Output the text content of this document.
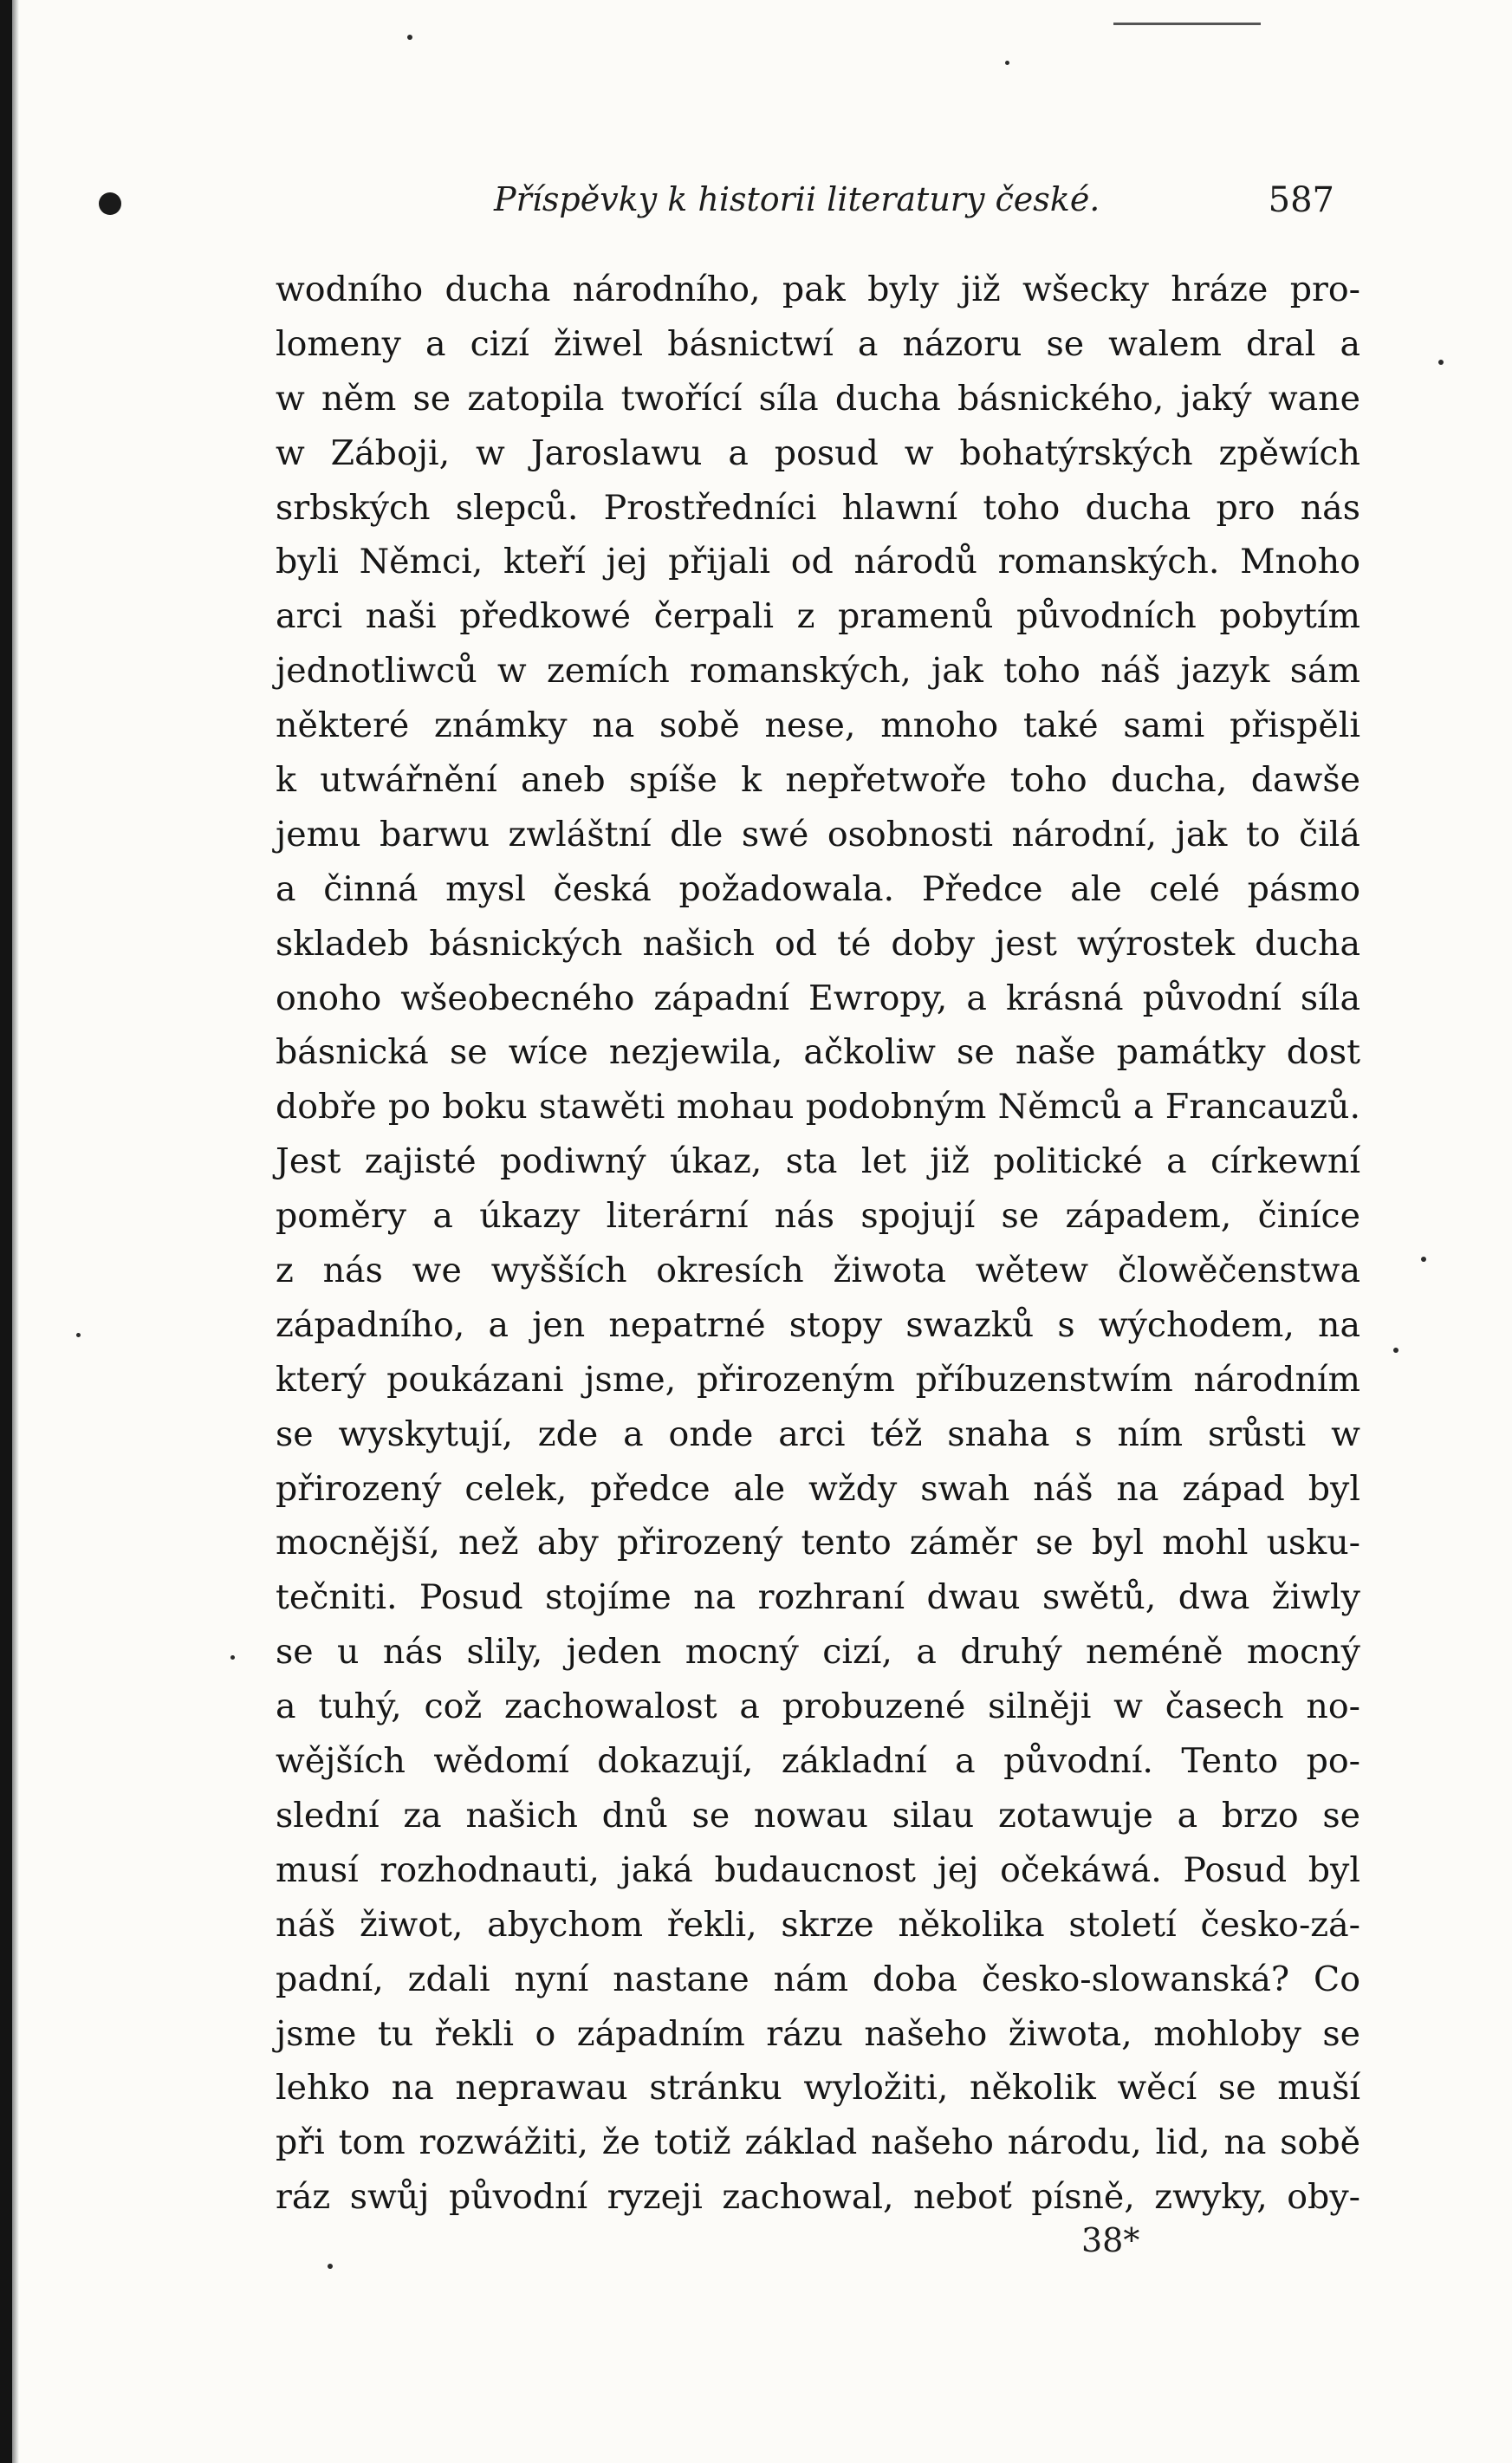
Příspěvky k historii literatury české.	587
wodního ducha národního, pak byly již wšecky hráze pro-
lomeny a cizí žiwel básnictwí a názoru se walem dral a
w něm se zatopila twořící síla ducha básnického, jaký wane
w Záboji, w Jaroslawu a posud w bohatýrských zpěwích
srbských slepců. Prostředníci hlawní toho ducha pro nás
byli Němci, kteří jej přijali od národů romanských. Mnoho
arci naši předkowé čerpali z pramenů původních pobytím
jednotliwců w zemích romanských, jak toho náš jazyk sám
některé známky na sobě nese, mnoho také sami přispěli
k utwářnění aneb spíše k nepřetwoře toho ducha, dawše
jemu barwu zwláštní dle swé osobnosti národní, jak to čilá
a činná mysl česká požadowala. Předce ale celé pásmo
skladeb básnických našich od té doby jest wýrostek ducha
onoho wšeobecného západní Ewropy, a krásná původní síla
básnická se wíce nezjewila, ačkoliw se naše památky dost
dobře po boku stawěti mohau podobným Němců a Francauzů.
Jest zajisté podiwný úkaz, sta let již politické a církewní
poměry a úkazy literární nás spojují se západem, činíce
z nás we wyšších okresích žiwota wětew člowěčenstwa
západního, a jen nepatrné stopy swazků s wýchodem, na
který poukázani jsme, přirozeným příbuzenstwím národním
se wyskytují, zde a onde arci též snaha s ním srůsti w
přirozený celek, předce ale wždy swah náš na západ byl
mocnější, než aby přirozený tento záměr se byl mohl usku-
tečniti. Posud stojíme na rozhraní dwau swětů, dwa žiwly
se u nás slily, jeden mocný cizí, a druhý neméně mocný
a tuhý, což zachowalost a probuzené silněji w časech no-
wějších wědomí dokazují, základní a původní. Tento po-
slední za našich dnů se nowau silau zotawuje a brzo se
musí rozhodnauti, jaká budaucnost jej očekáwá. Posud byl
náš žiwot, abychom řekli, skrze několika století česko-zá-
padní, zdali nyní nastane nám doba česko-slowanská? Co
jsme tu řekli o západním rázu našeho žiwota, mohloby se
lehko na neprawau stránku wyložiti, několik wěcí se muší
při tom rozwážiti, že totiž základ našeho národu, lid, na sobě
ráz swůj původní ryzeji zachowal, neboť písně, zwyky, oby-
38*
